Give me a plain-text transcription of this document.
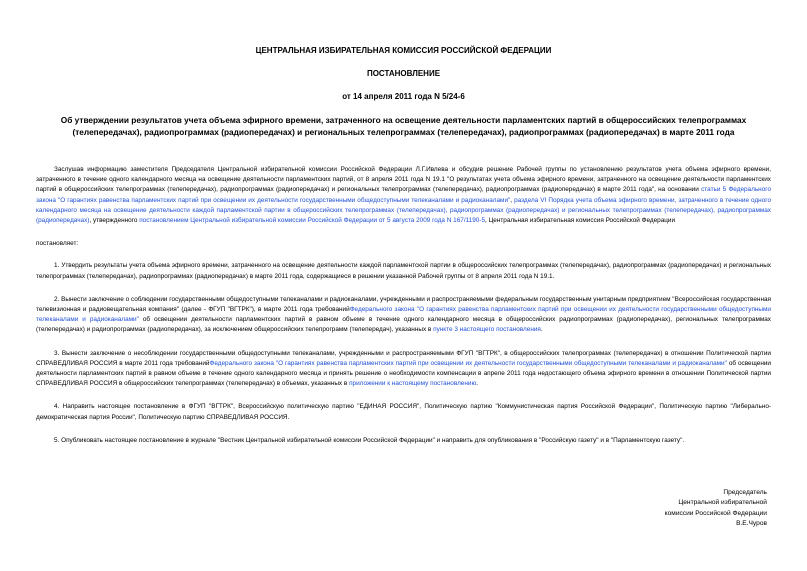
ЦЕНТРАЛЬНАЯ ИЗБИРАТЕЛЬНАЯ КОМИССИЯ РОССИЙСКОЙ ФЕДЕРАЦИИ
ПОСТАНОВЛЕНИЕ
от 14 апреля 2011 года N 5/24-6
Об утверждении результатов учета объема эфирного времени, затраченного на освещение деятельности парламентских партий в общероссийских телепрограммах (телепередачах), радиопрограммах (радиопередачах) и региональных телепрограммах (телепередачах), радиопрограммах (радиопередачах) в марте 2011 года

Заслушав информацию заместителя Председателя Центральной избирательной комиссии Российской Федерации Л.Г.Ивлева и обсудив решение Рабочей группы по установлению результатов учета объема эфирного времени, затраченного в течение одного календарного месяца на освещение деятельности парламентских партий, от 8 апреля 2011 года N 19.1 "О результатах учета объема эфирного времени, затраченного на освещение деятельности парламентских партий в общероссийских телепрограммах (телепередачах), радиопрограммах (радиопередачах) и региональных телепрограммах (телепередачах), радиопрограммах (радиопередачах) в марте 2011 года", на основании статьи 5 Федерального закона "О гарантиях равенства парламентских партий при освещении их деятельности государственными общедоступными телеканалами и радиоканалами", раздела VI Порядка учета объема эфирного времени, затраченного в течение одного календарного месяца на освещение деятельности каждой парламентской партии в общероссийских телепрограммах (телепередачах), радиопрограммах (радиопередачах) и региональных телепрограммах (телепередачах), радиопрограммах (радиопередачах), утвержденного постановлением Центральной избирательной комиссии Российской Федерации от 5 августа 2009 года N 167/1190-5, Центральная избирательная комиссия Российской Федерации

постановляет:

1. Утвердить результаты учета объема эфирного времени, затраченного на освещение деятельности каждой парламентской партии в общероссийских телепрограммах (телепередачах), радиопрограммах (радиопередачах) и региональных телепрограммах (телепередачах), радиопрограммах (радиопередачах) в марте 2011 года, содержащиеся в решении указанной Рабочей группы от 8 апреля 2011 года N 19.1.

2. Вынести заключение о соблюдении государственными общедоступными телеканалами и радиоканалами, учрежденными и распространяемыми федеральным государственным унитарным предприятием "Всероссийская государственная телевизионная и радиовещательная компания" (далее - ФГУП "ВГТРК"), в марте 2011 года требованийФедерального закона "О гарантиях равенства парламентских партий при освещении их деятельности государственными общедоступными телеканалами и радиоканалами" об освещении деятельности парламентских партий в равном объеме в течение одного календарного месяца в общероссийских радиопрограммах (радиопередачах), региональных телепрограммах (телепередачах) и радиопрограммах (радиопередачах), за исключением общероссийских телепрограмм (телепередач), указанных в пункте 3 настоящего постановления.

3. Вынести заключение о несоблюдении государственными общедоступными телеканалами, учрежденными и распространяемыми ФГУП "ВГТРК", в общероссийских телепрограммах (телепередачах) в отношении Политической партии СПРАВЕДЛИВАЯ РОССИЯ в марте 2011 года требованийФедерального закона "О гарантиях равенства парламентских партий при освещении их деятельности государственными общедоступными телеканалами и радиоканалами" об освещении деятельности парламентских партий в равном объеме в течение одного календарного месяца и принять решение о необходимости компенсации в апреле 2011 года недостающего объема эфирного времени в отношении Политической партии СПРАВЕДЛИВАЯ РОССИЯ в общероссийских телепрограммах (телепередачах) в объемах, указанных в приложении к настоящему постановлению.

4. Направить настоящее постановление в ФГУП "ВГТРК", Всероссийскую политическую партию "ЕДИНАЯ РОССИЯ", Политическую партию "Коммунистическая партия Российской Федерации", Политическую партию "Либерально-демократическая партия России", Политическую партию СПРАВЕДЛИВАЯ РОССИЯ.

5. Опубликовать настоящее постановление в журнале "Вестник Центральной избирательной комиссии Российской Федерации" и направить для опубликования в "Российскую газету" и в "Парламентскую газету".

Председатель
Центральной избирательной
комиссии Российской Федерации
В.Е.Чуров
